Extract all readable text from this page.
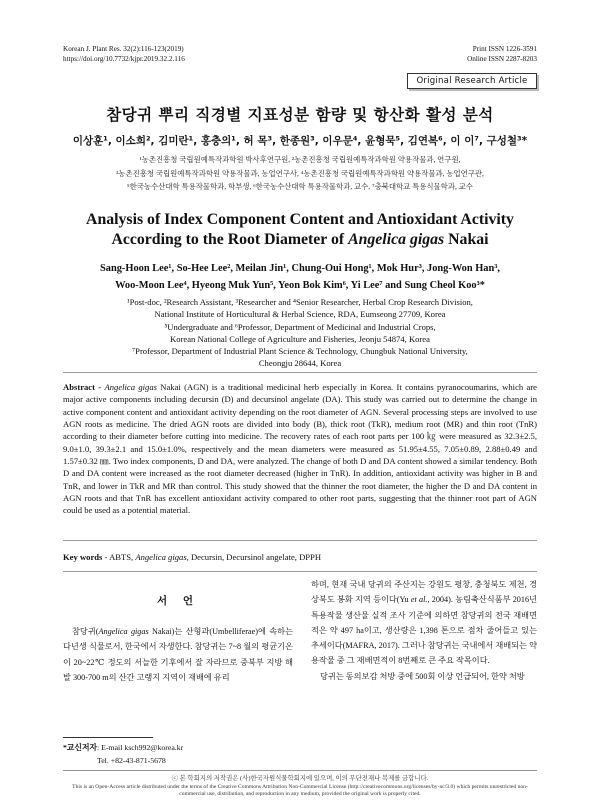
Korean J. Plant Res. 32(2):116-123(2019)
https://doi.org/10.7732/kjpr.2019.32.2.116
Print ISSN 1226-3591
Online ISSN 2287-8203
Original Research Article
참당귀 뿌리 직경별 지표성분 함량 및 항산화 활성 분석
이상훈¹, 이소희², 김미란¹, 홍충의¹, 허 목³, 한종원³, 이우문⁴, 윤형묵⁵, 김연복⁶, 이 이⁷, 구성철³*
¹농촌진흥청 국립원예특작과학원 박사후연구원, ²농촌진흥청 국립원예특작과학원 약용작물과, 연구원,
³농촌진흥청 국립원예특작과학원 약용작물과, 농업연구사, ⁴농촌진흥청 국립원예특작과학원 약용작물과, 농업연구관,
⁵한국농수산대학 특용작물학과, 학부생, ⁶한국농수산대학 특용작물학과, 교수, ⁷충북대학교 특용식물학과, 교수
Analysis of Index Component Content and Antioxidant Activity
According to the Root Diameter of Angelica gigas Nakai
Sang-Hoon Lee¹, So-Hee Lee², Meilan Jin¹, Chung-Oui Hong¹, Mok Hur³, Jong-Won Han³,
Woo-Moon Lee⁴, Hyeong Muk Yun⁵, Yeon Bok Kim⁶, Yi Lee⁷ and Sung Cheol Koo³*
¹Post-doc, ²Research Assistant, ³Researcher and ⁴Senior Researcher, Herbal Crop Research Division,
National Institute of Horticultural & Herbal Science, RDA, Eumseong 27709, Korea
⁵Undergraduate and ⁶Professor, Department of Medicinal and Industrial Crops,
Korean National College of Agriculture and Fisheries, Jeonju 54874, Korea
⁷Professor, Department of Industrial Plant Science & Technology, Chungbuk National University,
Cheongju 28644, Korea
Abstract - Angelica gigas Nakai (AGN) is a traditional medicinal herb especially in Korea. It contains pyranocoumarins, which are major active components including decursin (D) and decursinol angelate (DA). This study was carried out to determine the change in active component content and antioxidant activity depending on the root diameter of AGN. Several processing steps are involved to use AGN roots as medicine. The dried AGN roots are divided into body (B), thick root (TkR), medium root (MR) and thin root (TnR) according to their diameter before cutting into medicine. The recovery rates of each root parts per 100 ㎏ were measured as 32.3±2.5, 9.0±1.0, 39.3±2.1 and 15.0±1.0%, respectively and the mean diameters were measured as 51.95±4.55, 7.05±0.89, 2.88±0.49 and 1.57±0.32 ㎜. Two index components, D and DA, were analyzed. The change of both D and DA content showed a similar tendency. Both D and DA content were increased as the root diameter decreased (higher in TnR). In addition, antioxidant activity was higher in B and TnR, and lower in TkR and MR than control. This study showed that the thinner the root diameter, the higher the D and DA content in AGN roots and that TnR has excellent antioxidant activity compared to other root parts, suggesting that the thinner root part of AGN could be used as a potential material.
Key words - ABTS, Angelica gigas, Decursin, Decursinol angelate, DPPH
서 언

참당귀(Angelica gigas Nakai)는 산형과(Umbelliferae)에 속하는 다년생 식물로서, 한국에서 자생한다. 참당귀는 7~8 월의 평균기온이 20~22℃ 정도의 서늘한 기후에서 잘 자라므로 중북부 지방 해발 300-700 m의 산간 고랭지 지역이 재배에 유리

하며, 현재 국내 당귀의 주산지는 강원도 평창, 충청북도 제천, 경상북도 봉화 지역 등이다(Yu et al., 2004). 농림축산식품부 2016년 특용작물 생산물 실적 조사 기준에 의하면 참당귀의 전국 재배면적은 약 497 ha이고, 생산량은 1,398 톤으로 점차 줄어들고 있는 추세이다(MAFRA, 2017). 그러나 참당귀는 국내에서 재배되는 약용작물 중 그 재배면적이 8번째로 큰 주요 작목이다.

당귀는 동의보감 처방 중에 500회 이상 언급되어, 한약 처방

*교신저자: E-mail ksch992@korea.kr
Tel. +82-43-871-5678
ⓒ 본 학회지의 저작권은 (사)한국자원식물학회지에 있으며, 이의 무단전재나 복제를 금합니다.
This is an Open-Access article distributed under the terms of the Creative Commons Attribution Non-Commercial License (http://creativecommons.org/licenses/by-nc/3.0) which permits unrestricted non-commercial use, distribution, and reproduction in any medium, provided the original work is properly cited.
